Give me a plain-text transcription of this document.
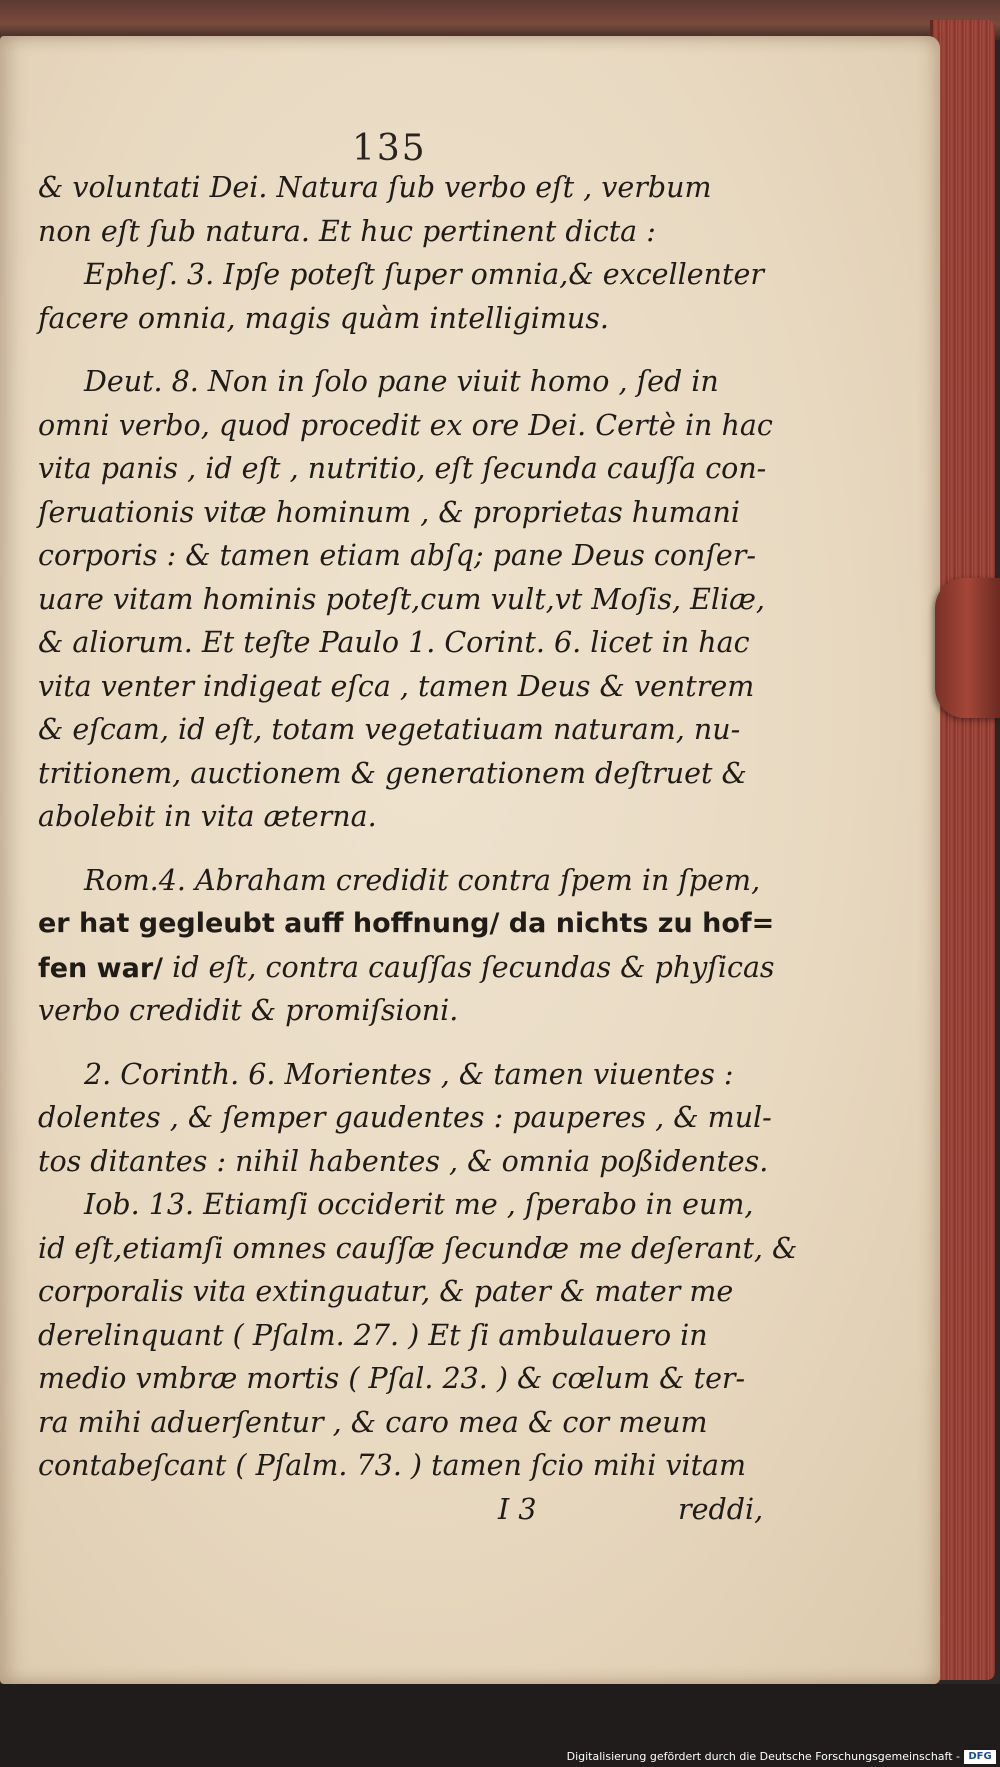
135
& voluntati Dei. Natura ſub verbo eſt , verbum
non eſt ſub natura. Et huc pertinent dicta :
Epheſ. 3. Ipſe poteſt ſuper omnia,& excellenter
facere omnia, magis quàm intelligimus.
Deut. 8. Non in ſolo pane viuit homo , ſed in
omni verbo, quod procedit ex ore Dei. Certè in hac
vita panis , id eſt , nutritio, eſt ſecunda cauſſa con-
ſeruationis vitæ hominum , & proprietas humani
corporis : & tamen etiam abſq; pane Deus conſer-
uare vitam hominis poteſt,cum vult,vt Moſis, Eliæ,
& aliorum. Et teſte Paulo 1. Corint. 6. licet in hac
vita venter indigeat eſca , tamen Deus & ventrem
& eſcam, id eſt, totam vegetatiuam naturam, nu-
tritionem, auctionem & generationem deſtruet &
abolebit in vita æterna.
Rom.4. Abraham credidit contra ſpem in ſpem,
er hat gegleubt auff hoffnung/ da nichts zu hof=
fen war/ id eſt, contra cauſſas ſecundas & phyſicas
verbo credidit & promiſsioni.
2. Corinth. 6. Morientes , & tamen viuentes :
dolentes , & ſemper gaudentes : pauperes , & mul-
tos ditantes : nihil habentes , & omnia poßidentes.
Iob. 13. Etiamſi occiderit me , ſperabo in eum,
id eſt,etiamſi omnes cauſſæ ſecundæ me deſerant, &
corporalis vita extinguatur, & pater & mater me
derelinquant ( Pſalm. 27. ) Et ſi ambulauero in
medio vmbræ mortis ( Pſal. 23. ) & cœlum & ter-
ra mihi aduerſentur , & caro mea & cor meum
contabeſcant ( Pſalm. 73. ) tamen ſcio mihi vitam
I 3	reddi,
Digitalisierung gefördert durch die Deutsche Forschungsgemeinschaft - DFG
